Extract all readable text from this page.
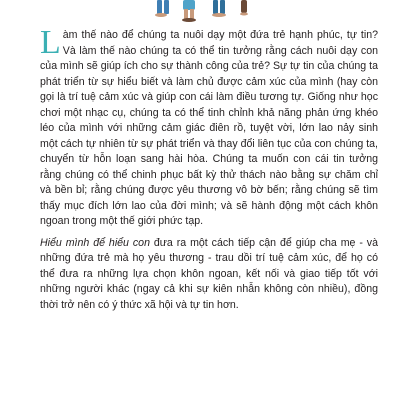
Làm thế nào để chúng ta nuôi dạy một đứa trẻ hạnh phúc, tự tin? Và làm thế nào chúng ta có thể tin tưởng rằng cách nuôi dạy con của mình sẽ giúp ích cho sự thành công của trẻ? Sự tự tin của chúng ta phát triển từ sự hiểu biết và làm chủ được cảm xúc của mình (hay còn gọi là trí tuệ cảm xúc và giúp con cái làm điều tương tự. Giống như học chơi một nhạc cụ, chúng ta có thể tinh chỉnh khả năng phản ứng khéo léo của mình với những cảm giác điên rồ, tuyệt vời, lớn lao nảy sinh một cách tự nhiên từ sự phát triển và thay đổi liên tục của con chúng ta, chuyển từ hỗn loạn sang hài hòa. Chúng ta muốn con cái tin tưởng rằng chúng có thể chinh phục bất kỳ thử thách nào bằng sự chăm chỉ và bền bỉ; rằng chúng được yêu thương vô bờ bến; rằng chúng sẽ tìm thấy mục đích lớn lao của đời mình; và sẽ hành động một cách khôn ngoan trong một thế giới phức tạp.

Hiểu mình để hiểu con đưa ra một cách tiếp cận để giúp cha mẹ - và những đứa trẻ mà họ yêu thương - trau dồi trí tuệ cảm xúc, để họ có thể đưa ra những lựa chọn khôn ngoan, kết nối và giao tiếp tốt với những người khác (ngay cả khi sự kiên nhẫn không còn nhiều), đồng thời trở nên có ý thức xã hội và tự tin hơn.
